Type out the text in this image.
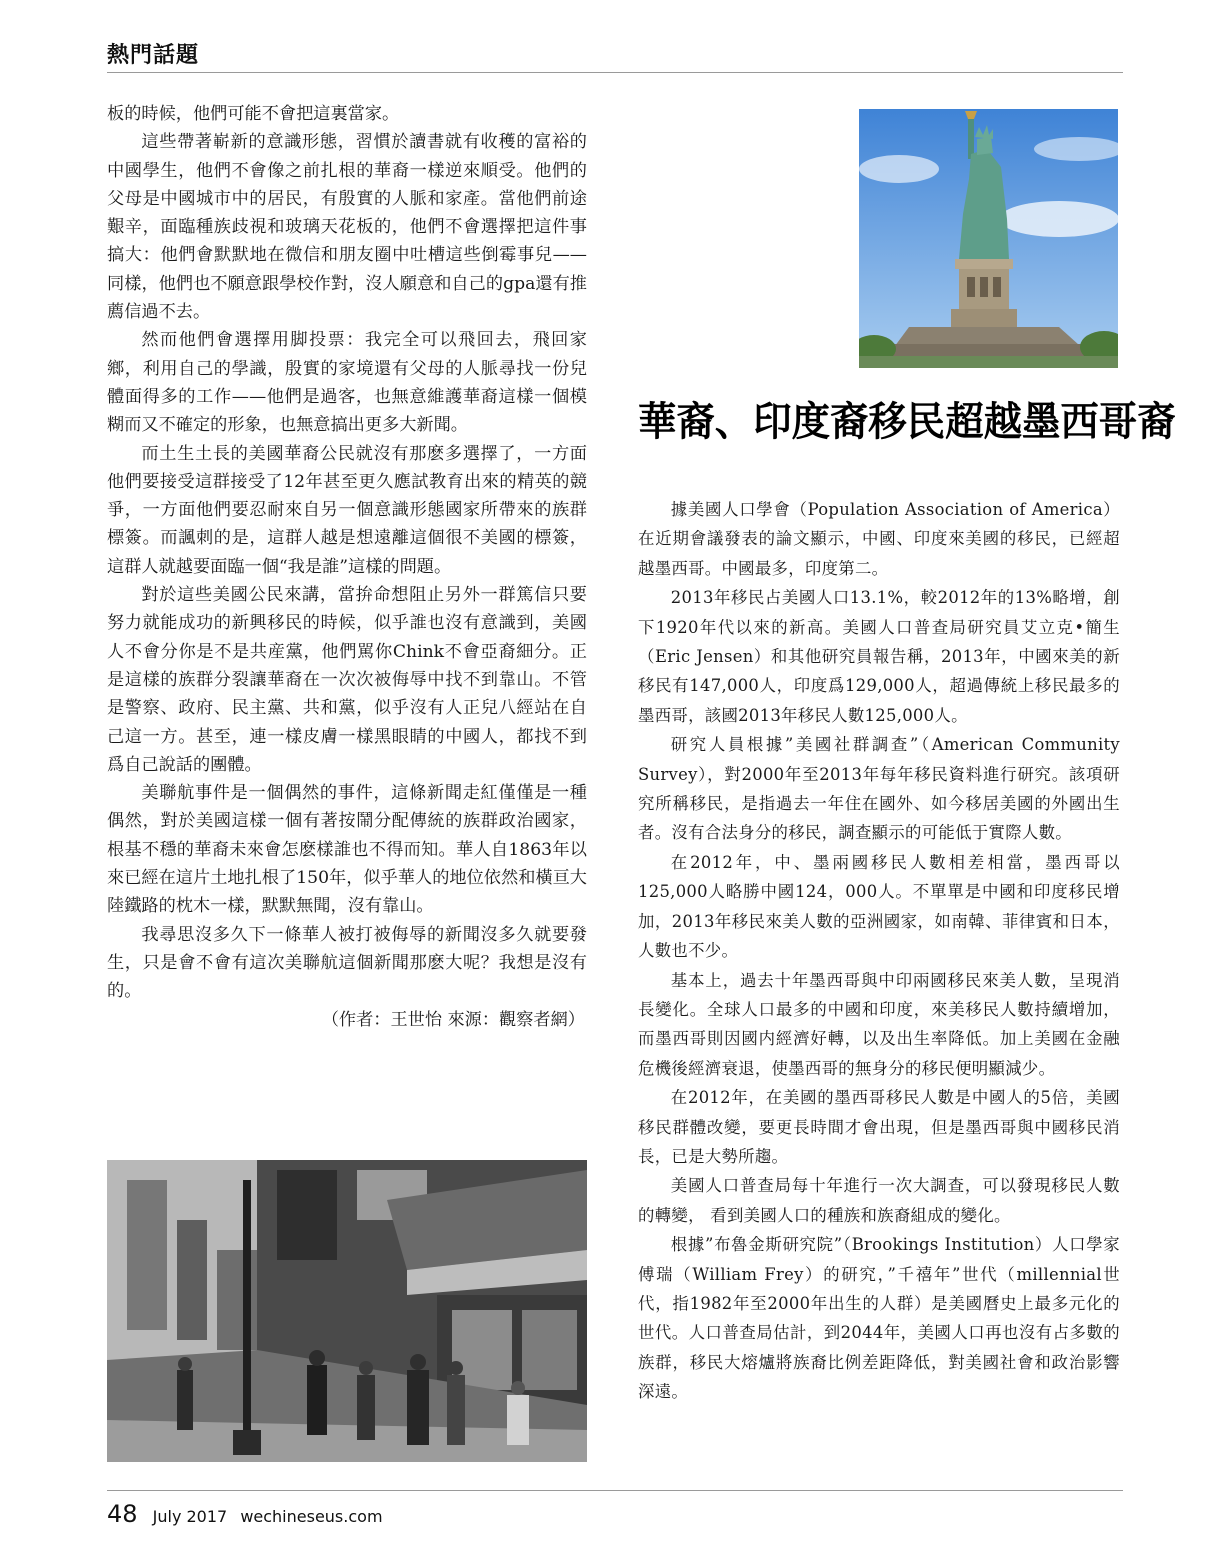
熱門話題

板的時候，他們可能不會把這裏當家。

這些帶著嶄新的意識形態，習慣於讀書就有收穫的富裕的中國學生，他們不會像之前扎根的華裔一樣逆來順受。他們的父母是中國城市中的居民，有殷實的人脈和家產。當他們前途艱辛，面臨種族歧視和玻璃天花板的，他們不會選擇把這件事搞大：他們會默默地在微信和朋友圈中吐槽這些倒霉事兒——同樣，他們也不願意跟學校作對，沒人願意和自己的gpa還有推薦信過不去。

然而他們會選擇用脚投票：我完全可以飛回去，飛回家鄉，利用自己的學識，殷實的家境還有父母的人脈尋找一份兒體面得多的工作——他們是過客，也無意維護華裔這樣一個模糊而又不確定的形象，也無意搞出更多大新聞。

而土生土長的美國華裔公民就沒有那麽多選擇了，一方面他們要接受這群接受了12年甚至更久應試教育出來的精英的競爭，一方面他們要忍耐來自另一個意識形態國家所帶來的族群標簽。而諷刺的是，這群人越是想遠離這個很不美國的標簽，這群人就越要面臨一個“我是誰”這樣的問題。

對於這些美國公民來講，當拚命想阻止另外一群篤信只要努力就能成功的新興移民的時候，似乎誰也沒有意識到，美國人不會分你是不是共産黨，他們駡你Chink不會亞裔細分。正是這樣的族群分裂讓華裔在一次次被侮辱中找不到靠山。不管是警察、政府、民主黨、共和黨，似乎沒有人正兒八經站在自己這一方。甚至，連一樣皮膚一樣黑眼睛的中國人，都找不到爲自己說話的團體。

美聯航事件是一個偶然的事件，這條新聞走紅僅僅是一種偶然，對於美國這樣一個有著按鬧分配傳統的族群政治國家，根基不穩的華裔未來會怎麽樣誰也不得而知。華人自1863年以來已經在這片土地扎根了150年，似乎華人的地位依然和橫亘大陸鐵路的枕木一樣，默默無聞，沒有靠山。

我尋思沒多久下一條華人被打被侮辱的新聞沒多久就要發生，只是會不會有這次美聯航這個新聞那麽大呢？我想是沒有的。

（作者：王世怡 來源：觀察者網）

華裔、印度裔移民超越墨西哥裔

據美國人口學會（Population Association of America）在近期會議發表的論文顯示，中國、印度來美國的移民，已經超越墨西哥。中國最多，印度第二。

2013年移民占美國人口13.1%，較2012年的13%略增，創下1920年代以來的新高。美國人口普查局研究員艾立克•簡生（Eric Jensen）和其他研究員報告稱，2013年，中國來美的新移民有147,000人，印度爲129,000人，超過傳統上移民最多的墨西哥，該國2013年移民人數125,000人。

研究人員根據”美國社群調查”（American Community Survey），對2000年至2013年每年移民資料進行研究。該項研究所稱移民，是指過去一年住在國外、如今移居美國的外國出生者。沒有合法身分的移民，調查顯示的可能低于實際人數。

在2012年，中、墨兩國移民人數相差相當，墨西哥以125,000人略勝中國124，000人。不單單是中國和印度移民增加，2013年移民來美人數的亞洲國家，如南韓、菲律賓和日本，人數也不少。

基本上，過去十年墨西哥與中印兩國移民來美人數，呈現消長變化。全球人口最多的中國和印度，來美移民人數持續增加，而墨西哥則因國内經濟好轉，以及出生率降低。加上美國在金融危機後經濟衰退，使墨西哥的無身分的移民便明顯減少。

在2012年，在美國的墨西哥移民人數是中國人的5倍，美國移民群體改變，要更長時間才會出現，但是墨西哥與中國移民消長，已是大勢所趨。

美國人口普查局每十年進行一次大調查，可以發現移民人數的轉變， 看到美國人口的種族和族裔組成的變化。

根據”布魯金斯研究院”（Brookings Institution）人口學家傅瑞（William Frey）的研究，”千禧年”世代（millennial世代，指1982年至2000年出生的人群）是美國曆史上最多元化的世代。人口普查局估計，到2044年，美國人口再也沒有占多數的族群，移民大熔爐將族裔比例差距降低，對美國社會和政治影響深遠。

48 July 2017 wechineseus.com
